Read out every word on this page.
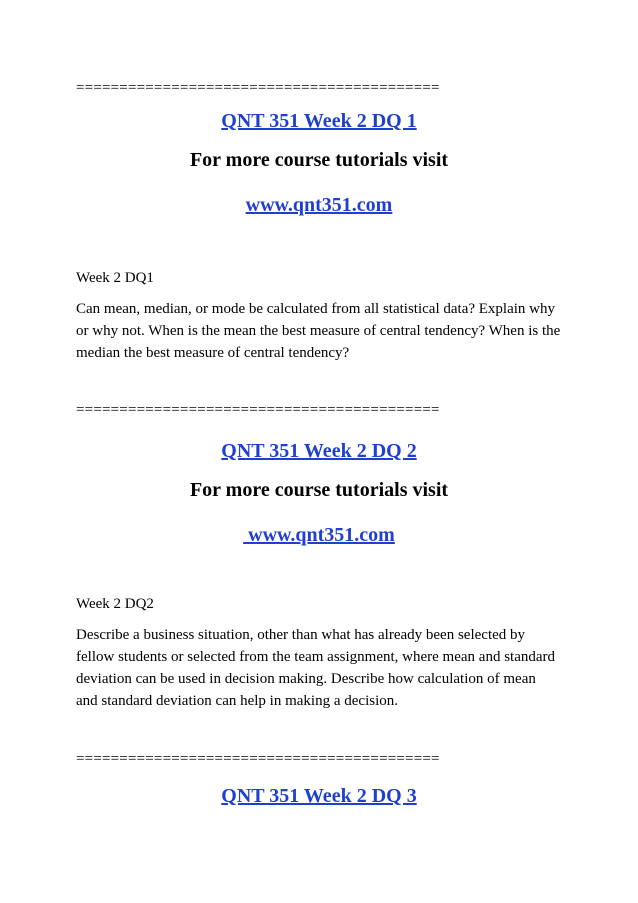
==========================================
QNT 351 Week 2 DQ 1
For more course tutorials visit
www.qnt351.com
Week 2 DQ1
Can mean, median, or mode be calculated from all statistical data? Explain why or why not. When is the mean the best measure of central tendency? When is the median the best measure of central tendency?
==========================================
QNT 351 Week 2 DQ 2
For more course tutorials visit
www.qnt351.com
Week 2 DQ2
Describe a business situation, other than what has already been selected by fellow students or selected from the team assignment, where mean and standard deviation can be used in decision making. Describe how calculation of mean and standard deviation can help in making a decision.
==========================================
QNT 351 Week 2 DQ 3
